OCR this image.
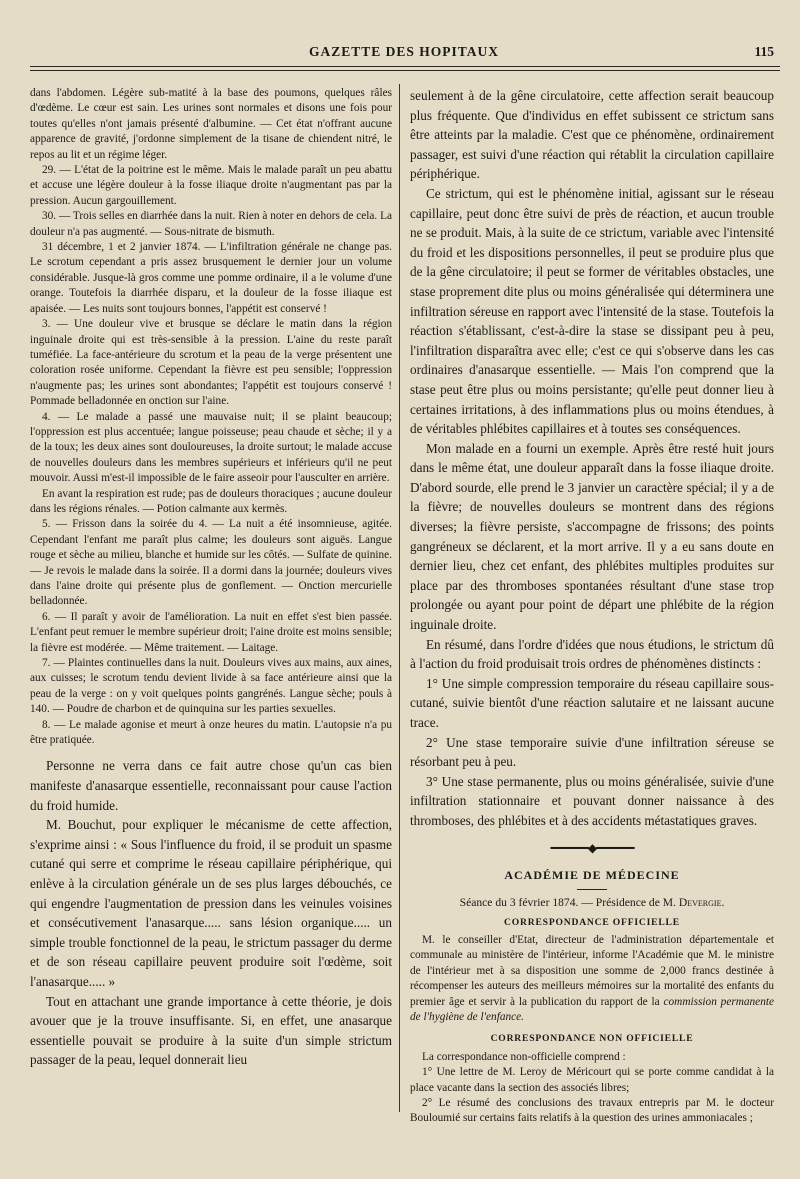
GAZETTE DES HOPITAUX	115

dans l'abdomen. Légère sub-matité à la base des poumons, quelques râles d'œdème. Le cœur est sain. Les urines sont normales et disons une fois pour toutes qu'elles n'ont jamais présenté d'albumine. — Cet état n'offrant aucune apparence de gravité, j'ordonne simplement de la tisane de chiendent nitré, le repos au lit et un régime léger.

29. — L'état de la poitrine est le même. Mais le malade paraît un peu abattu et accuse une légère douleur à la fosse iliaque droite n'augmentant pas par la pression. Aucun gargouillement.

30. — Trois selles en diarrhée dans la nuit. Rien à noter en dehors de cela. La douleur n'a pas augmenté. — Sous-nitrate de bismuth.

31 décembre, 1 et 2 janvier 1874. — L'infiltration générale ne change pas. Le scrotum cependant a pris assez brusquement le dernier jour un volume considérable. Jusque-là gros comme une pomme ordinaire, il a le volume d'une orange. Toutefois la diarrhée disparu, et la douleur de la fosse iliaque est apaisée. — Les nuits sont toujours bonnes, l'appétit est conservé !

3. — Une douleur vive et brusque se déclare le matin dans la région inguinale droite qui est très-sensible à la pression. L'aine du reste paraît tuméfiée. La face-antérieure du scrotum et la peau de la verge présentent une coloration rosée uniforme. Cependant la fièvre est peu sensible; l'oppression n'augmente pas; les urines sont abondantes; l'appétit est toujours conservé ! Pommade belladonnée en onction sur l'aine.

4. — Le malade a passé une mauvaise nuit; il se plaint beaucoup; l'oppression est plus accentuée; langue poisseuse; peau chaude et sèche; il y a de la toux; les deux aines sont douloureuses, la droite surtout; le malade accuse de nouvelles douleurs dans les membres supérieurs et inférieurs qu'il ne peut mouvoir. Aussi m'est-il impossible de le faire asseoir pour l'ausculter en arrière.

En avant la respiration est rude; pas de douleurs thoraciques ; aucune douleur dans les régions rénales. — Potion calmante aux kermès.

5. — Frisson dans la soirée du 4. — La nuit a été insomnieuse, agitée. Cependant l'enfant me paraît plus calme; les douleurs sont aiguës. Langue rouge et sèche au milieu, blanche et humide sur les côtés. — Sulfate de quinine. — Je revois le malade dans la soirée. Il a dormi dans la journée; douleurs vives dans l'aine droite qui présente plus de gonflement. — Onction mercurielle belladonnée.

6. — Il paraît y avoir de l'amélioration. La nuit en effet s'est bien passée. L'enfant peut remuer le membre supérieur droit; l'aine droite est moins sensible; la fièvre est modérée. — Même traitement. — Laitage.

7. — Plaintes continuelles dans la nuit. Douleurs vives aux mains, aux aines, aux cuisses; le scrotum tendu devient livide à sa face antérieure ainsi que la peau de la verge : on y voit quelques points gangrénés. Langue sèche; pouls à 140. — Poudre de charbon et de quinquina sur les parties sexuelles.

8. — Le malade agonise et meurt à onze heures du matin. L'autopsie n'a pu être pratiquée.

Personne ne verra dans ce fait autre chose qu'un cas bien manifeste d'anasarque essentielle, reconnaissant pour cause l'action du froid humide.

M. Bouchut, pour expliquer le mécanisme de cette affection, s'exprime ainsi : « Sous l'influence du froid, il se produit un spasme cutané qui serre et comprime le réseau capillaire périphérique, qui enlève à la circulation générale un de ses plus larges débouchés, ce qui engendre l'augmentation de pression dans les veinules voisines et consécutivement l'anasarque..... sans lésion organique..... un simple trouble fonctionnel de la peau, le strictum passager du derme et de son réseau capillaire peuvent produire soit l'œdème, soit l'anasarque..... »

Tout en attachant une grande importance à cette théorie, je dois avouer que je la trouve insuffisante. Si, en effet, une anasarque essentielle pouvait se produire à la suite d'un simple strictum passager de la peau, lequel donnerait lieu

seulement à de la gêne circulatoire, cette affection serait beaucoup plus fréquente. Que d'individus en effet subissent ce strictum sans être atteints par la maladie. C'est que ce phénomène, ordinairement passager, est suivi d'une réaction qui rétablit la circulation capillaire périphérique.

Ce strictum, qui est le phénomène initial, agissant sur le réseau capillaire, peut donc être suivi de près de réaction, et aucun trouble ne se produit. Mais, à la suite de ce strictum, variable avec l'intensité du froid et les dispositions personnelles, il peut se produire plus que de la gêne circulatoire; il peut se former de véritables obstacles, une stase proprement dite plus ou moins généralisée qui déterminera une infiltration séreuse en rapport avec l'intensité de la stase. Toutefois la réaction s'établissant, c'est-à-dire la stase se dissipant peu à peu, l'infiltration disparaîtra avec elle; c'est ce qui s'observe dans les cas ordinaires d'anasarque essentielle. — Mais l'on comprend que la stase peut être plus ou moins persistante; qu'elle peut donner lieu à certaines irritations, à des inflammations plus ou moins étendues, à de véritables phlébites capillaires et à toutes ses conséquences.

Mon malade en a fourni un exemple. Après être resté huit jours dans le même état, une douleur apparaît dans la fosse iliaque droite. D'abord sourde, elle prend le 3 janvier un caractère spécial; il y a de la fièvre; de nouvelles douleurs se montrent dans des régions diverses; la fièvre persiste, s'accompagne de frissons; des points gangréneux se déclarent, et la mort arrive. Il y a eu sans doute en dernier lieu, chez cet enfant, des phlébites multiples produites sur place par des thromboses spontanées résultant d'une stase trop prolongée ou ayant pour point de départ une phlébite de la région inguinale droite.

En résumé, dans l'ordre d'idées que nous étudions, le strictum dû à l'action du froid produisait trois ordres de phénomènes distincts :

1° Une simple compression temporaire du réseau capillaire sous-cutané, suivie bientôt d'une réaction salutaire et ne laissant aucune trace.

2° Une stase temporaire suivie d'une infiltration séreuse se résorbant peu à peu.

3° Une stase permanente, plus ou moins généralisée, suivie d'une infiltration stationnaire et pouvant donner naissance à des thromboses, des phlébites et à des accidents métastatiques graves.

━━━━━━◆━━━━━━
ACADÉMIE DE MÉDECINE
Séance du 3 février 1874. — Présidence de M. Devergie.
CORRESPONDANCE OFFICIELLE

M. le conseiller d'Etat, directeur de l'administration départementale et communale au ministère de l'intérieur, informe l'Académie que M. le ministre de l'intérieur met à sa disposition une somme de 2,000 francs destinée à récompenser les auteurs des meilleurs mémoires sur la mortalité des enfants du premier âge et servir à la publication du rapport de la commission permanente de l'hygiène de l'enfance.

CORRESPONDANCE NON OFFICIELLE

La correspondance non-officielle comprend :

1° Une lettre de M. Leroy de Méricourt qui se porte comme candidat à la place vacante dans la section des associés libres;

2° Le résumé des conclusions des travaux entrepris par M. le docteur Bouloumié sur certains faits relatifs à la question des urines ammoniacales ;
